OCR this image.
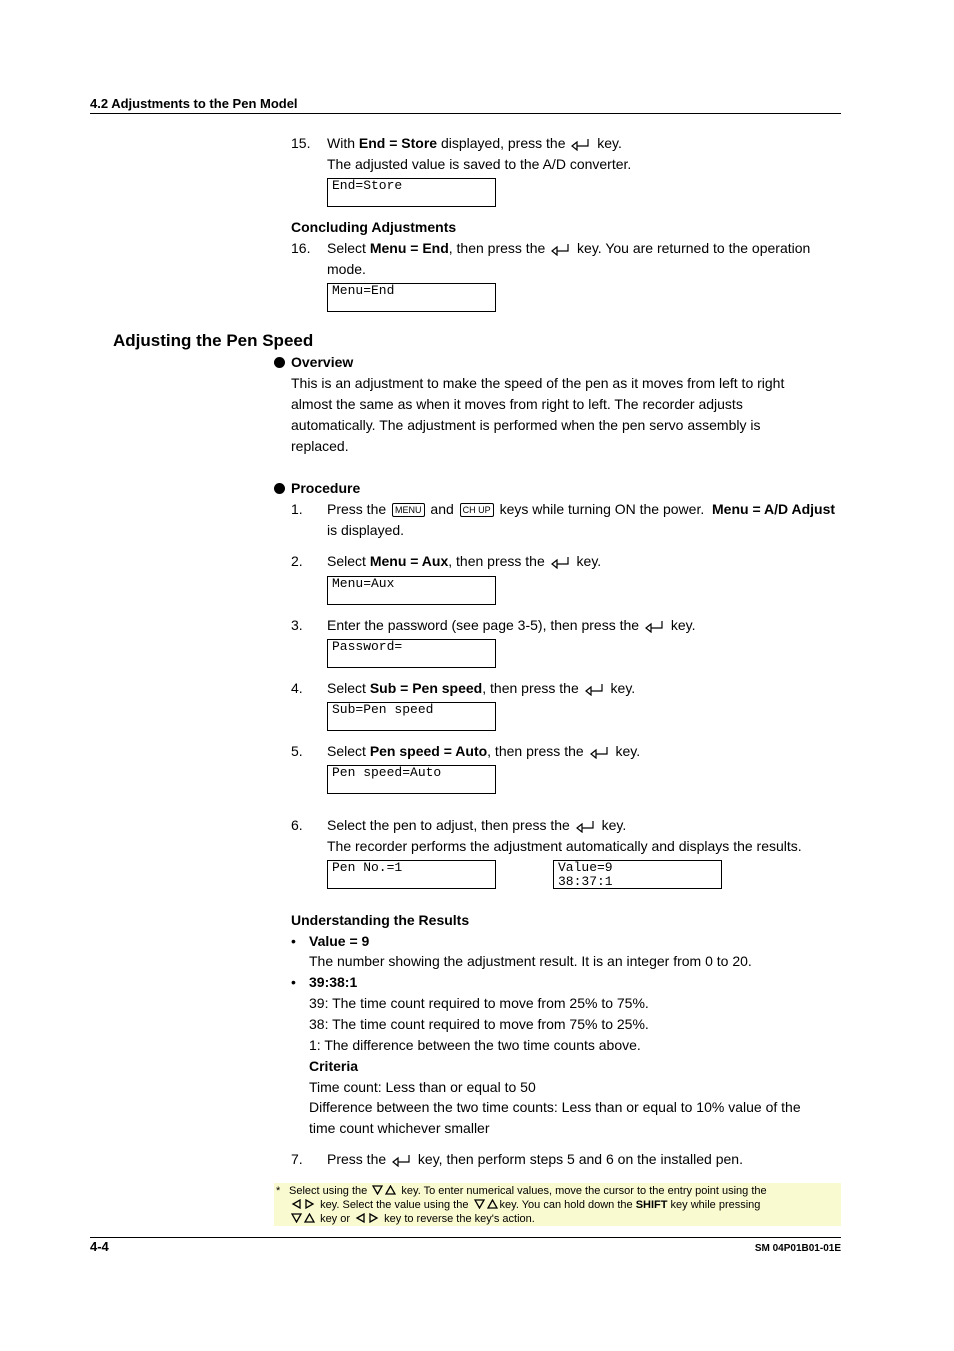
4.2 Adjustments to the Pen Model
15. With End = Store displayed, press the  key.
The adjusted value is saved to the A/D converter.
End=Store
Concluding Adjustments
16. Select Menu = End, then press the  key. You are returned to the operation
mode.
Menu=End
Adjusting the Pen Speed
Overview
This is an adjustment to make the speed of the pen as it moves from left to right
almost the same as when it moves from right to left. The recorder adjusts
automatically. The adjustment is performed when the pen servo assembly is
replaced.
Procedure
1. Press the MENU and CH UP keys while turning ON the power. Menu = A/D Adjust
is displayed.
2. Select Menu = Aux, then press the  key.
Menu=Aux
3. Enter the password (see page 3-5), then press the  key.
Password=
4. Select Sub = Pen speed, then press the  key.
Sub=Pen speed
5. Select Pen speed = Auto, then press the  key.
Pen speed=Auto
6. Select the pen to adjust, then press the  key.
The recorder performs the adjustment automatically and displays the results.
Pen No.=1	Value=9
38:37:1
Understanding the Results
• Value = 9
The number showing the adjustment result. It is an integer from 0 to 20.
• 39:38:1
39: The time count required to move from 25% to 75%.
38: The time count required to move from 75% to 25%.
1: The difference between the two time counts above.
Criteria
Time count: Less than or equal to 50
Difference between the two time counts: Less than or equal to 10% value of the
time count whichever smaller
7. Press the  key, then perform steps 5 and 6 on the installed pen.
* Select using the	key. To enter numerical values, move the cursor to the entry point using the
key. Select the value using the	key. You can hold down the SHIFT key while pressing
key or	key to reverse the key's action.
4-4	SM 04P01B01-01E
